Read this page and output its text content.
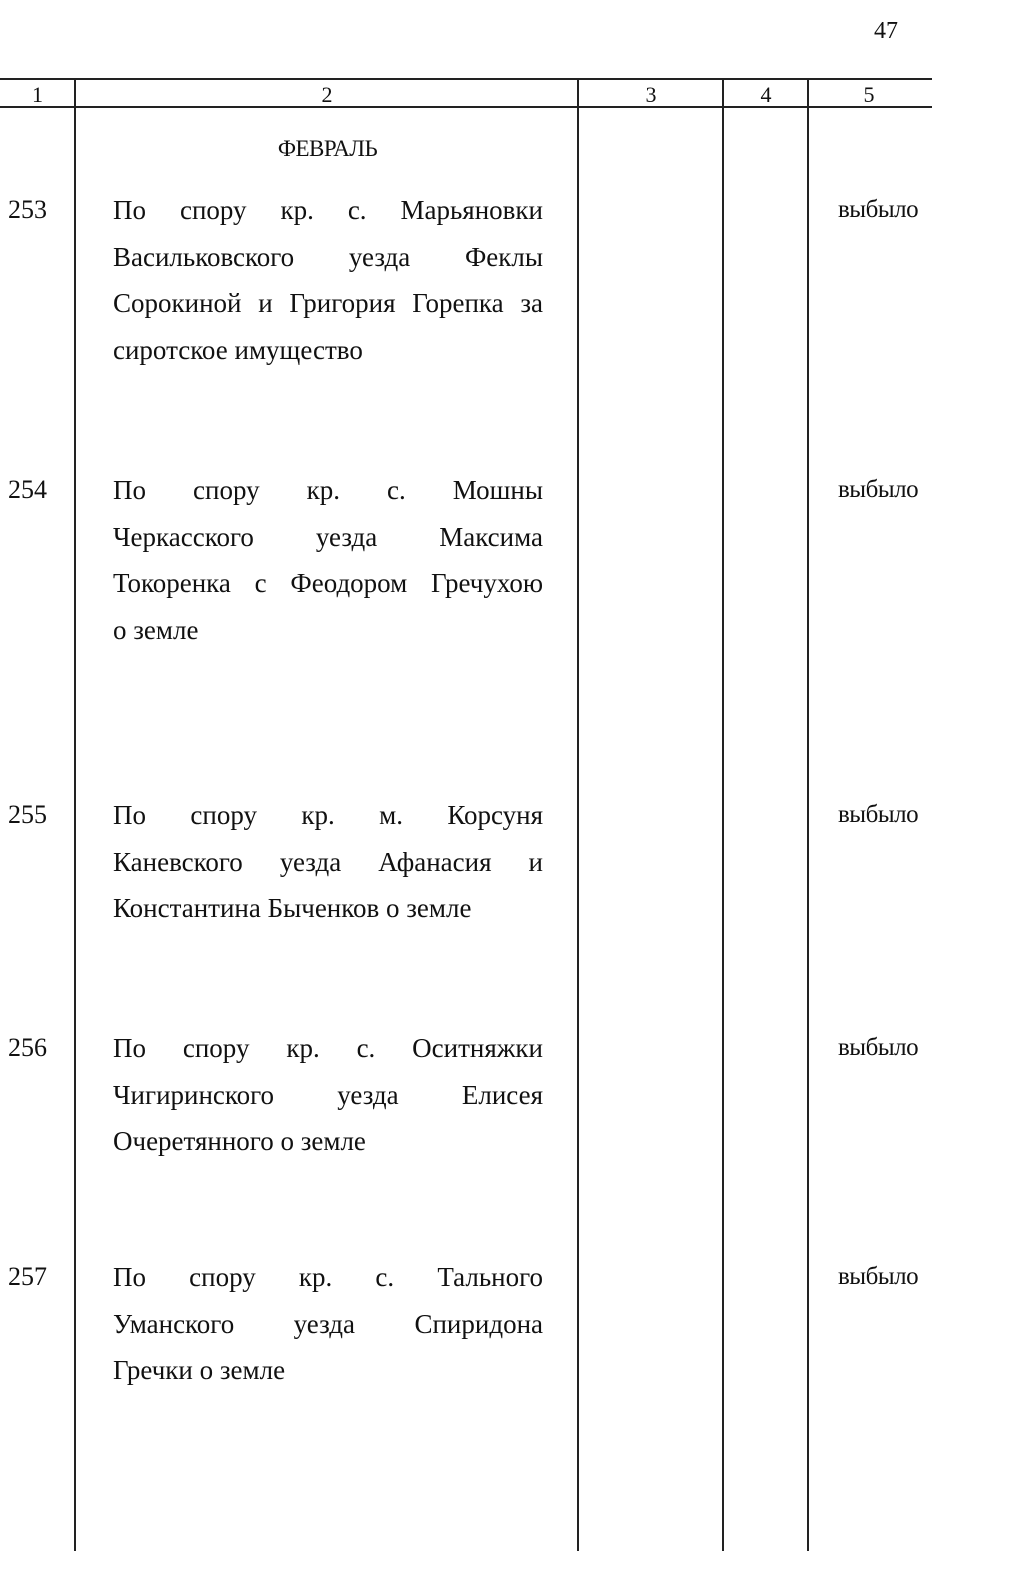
47
1	2	3	4	5
ФЕВРАЛЬ
253 По спору кр. с. Марьяновки
Васильковского уезда Феклы
Сорокиной и Григория Горепка за
сиротское имущество
выбыло
254 По спору кр. с. Мошны
Черкасского уезда Максима
Токоренка с Феодором Гречухою
о земле
выбыло
255 По спору кр. м. Корсуня
Каневского уезда Афанасия и
Константина Быченков о земле
выбыло
256 По спору кр. с. Оситняжки
Чигиринского уезда Елисея
Очеретянного о земле
выбыло
257 По спору кр. с. Тального
Уманского уезда Спиридона
Гречки о земле
выбыло
